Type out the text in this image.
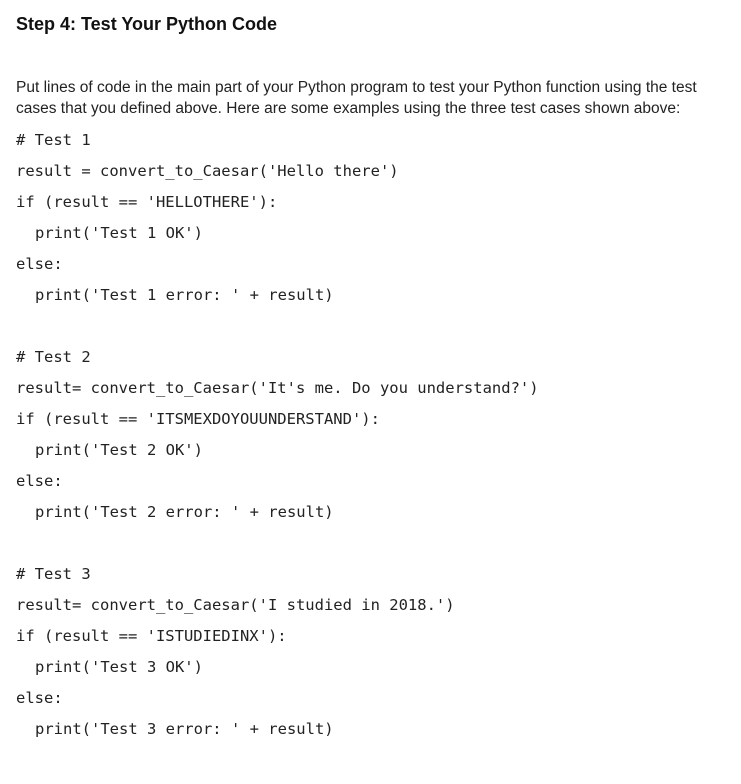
Step 4: Test Your Python Code

Put lines of code in the main part of your Python program to test your Python function using the test cases that you defined above. Here are some examples using the three test cases shown above:

# Test 1
result = convert_to_Caesar('Hello there')
if (result == 'HELLOTHERE'):
print('Test 1 OK')
else:
print('Test 1 error: ' + result)
# Test 2
result= convert_to_Caesar('It's me. Do you understand?')
if (result == 'ITSMEXDOYOUUNDERSTAND'):
print('Test 2 OK')
else:
print('Test 2 error: ' + result)
# Test 3
result= convert_to_Caesar('I studied in 2018.')
if (result == 'ISTUDIEDINX'):
print('Test 3 OK')
else:
print('Test 3 error: ' + result)
